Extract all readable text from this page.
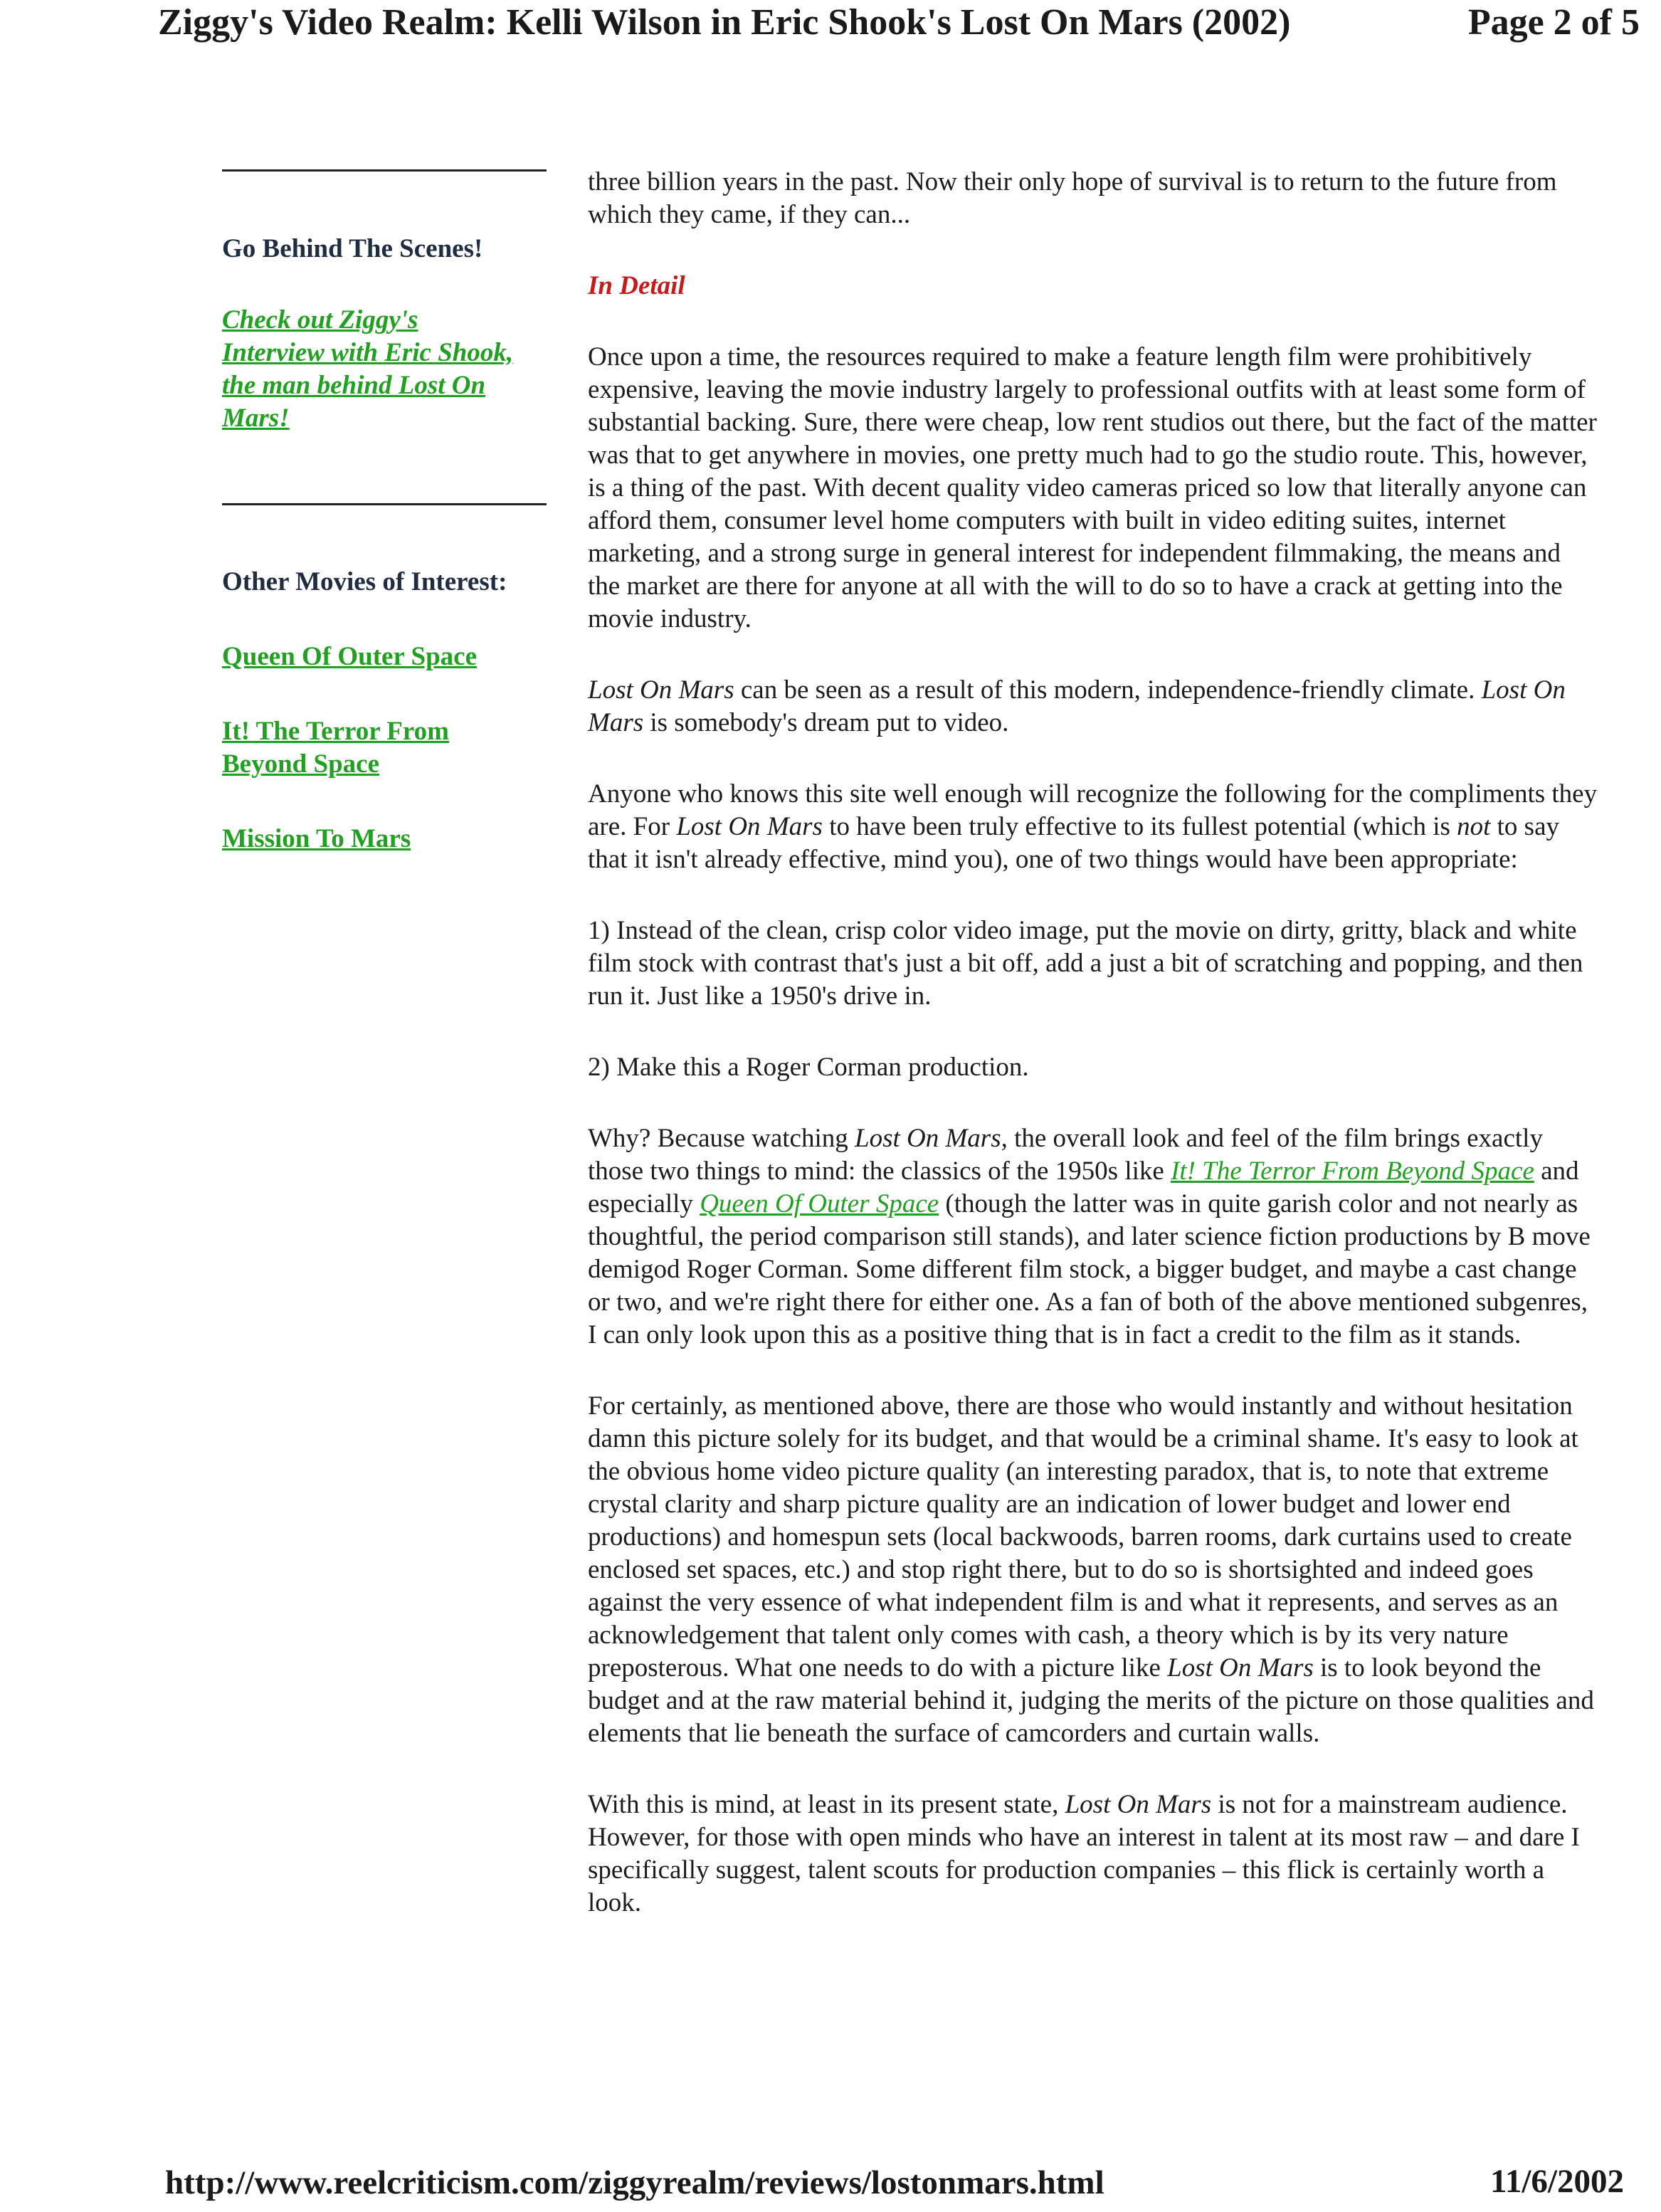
Ziggy's Video Realm: Kelli Wilson in Eric Shook's Lost On Mars (2002)	Page 2 of 5
Go Behind The Scenes!
Check out Ziggy's Interview with Eric Shook, the man behind Lost On Mars!
Other Movies of Interest:
Queen Of Outer Space
It! The Terror From Beyond Space
Mission To Mars

three billion years in the past. Now their only hope of survival is to return to the future from which they came, if they can...

In Detail

Once upon a time, the resources required to make a feature length film were prohibitively expensive, leaving the movie industry largely to professional outfits with at least some form of substantial backing. Sure, there were cheap, low rent studios out there, but the fact of the matter was that to get anywhere in movies, one pretty much had to go the studio route. This, however, is a thing of the past. With decent quality video cameras priced so low that literally anyone can afford them, consumer level home computers with built in video editing suites, internet marketing, and a strong surge in general interest for independent filmmaking, the means and the market are there for anyone at all with the will to do so to have a crack at getting into the movie industry.

Lost On Mars can be seen as a result of this modern, independence-friendly climate. Lost On Mars is somebody's dream put to video.

Anyone who knows this site well enough will recognize the following for the compliments they are. For Lost On Mars to have been truly effective to its fullest potential (which is not to say that it isn't already effective, mind you), one of two things would have been appropriate:

1) Instead of the clean, crisp color video image, put the movie on dirty, gritty, black and white film stock with contrast that's just a bit off, add a just a bit of scratching and popping, and then run it. Just like a 1950's drive in.

2) Make this a Roger Corman production.

Why? Because watching Lost On Mars, the overall look and feel of the film brings exactly those two things to mind: the classics of the 1950s like It! The Terror From Beyond Space and especially Queen Of Outer Space (though the latter was in quite garish color and not nearly as thoughtful, the period comparison still stands), and later science fiction productions by B move demigod Roger Corman. Some different film stock, a bigger budget, and maybe a cast change or two, and we're right there for either one. As a fan of both of the above mentioned subgenres, I can only look upon this as a positive thing that is in fact a credit to the film as it stands.

For certainly, as mentioned above, there are those who would instantly and without hesitation damn this picture solely for its budget, and that would be a criminal shame. It's easy to look at the obvious home video picture quality (an interesting paradox, that is, to note that extreme crystal clarity and sharp picture quality are an indication of lower budget and lower end productions) and homespun sets (local backwoods, barren rooms, dark curtains used to create enclosed set spaces, etc.) and stop right there, but to do so is shortsighted and indeed goes against the very essence of what independent film is and what it represents, and serves as an acknowledgement that talent only comes with cash, a theory which is by its very nature preposterous. What one needs to do with a picture like Lost On Mars is to look beyond the budget and at the raw material behind it, judging the merits of the picture on those qualities and elements that lie beneath the surface of camcorders and curtain walls.

With this is mind, at least in its present state, Lost On Mars is not for a mainstream audience. However, for those with open minds who have an interest in talent at its most raw – and dare I specifically suggest, talent scouts for production companies – this flick is certainly worth a look.

http://www.reelcriticism.com/ziggyrealm/reviews/lostonmars.html	11/6/2002
